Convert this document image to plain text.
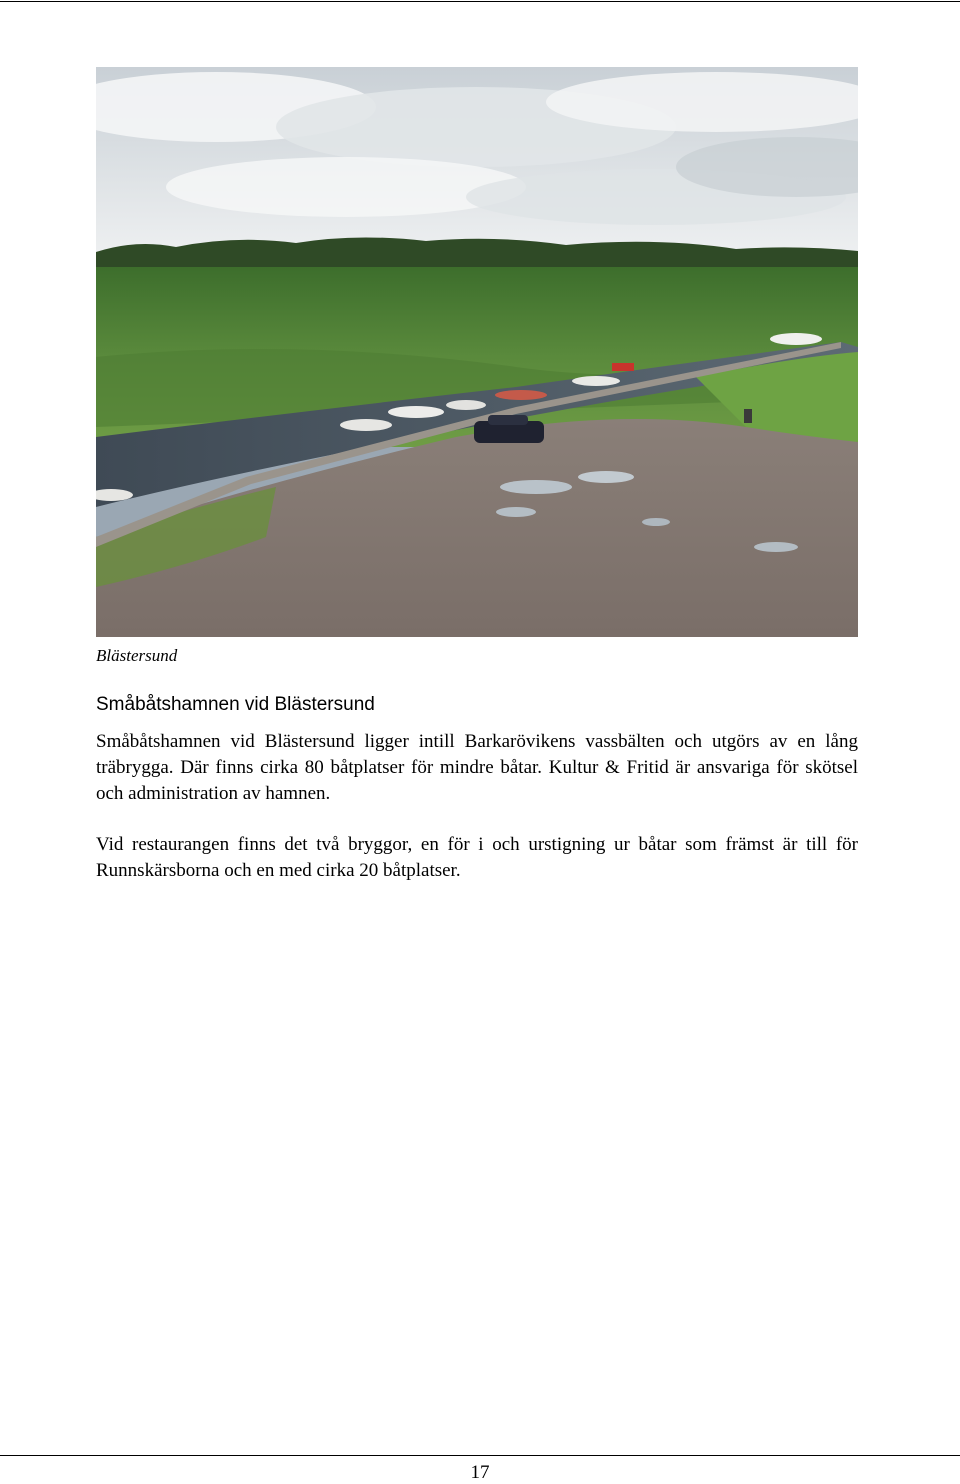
Blästersund
Småbåtshamnen vid Blästersund
Småbåtshamnen vid Blästersund ligger intill Barkarövikens vassbälten och utgörs av en lång träbrygga. Där finns cirka 80 båtplatser för mindre båtar. Kultur & Fritid är ansvariga för skötsel och administration av hamnen.
Vid restaurangen finns det två bryggor, en för i och urstigning ur båtar som främst är till för Runnskärsborna och en med cirka 20 båtplatser.
17
